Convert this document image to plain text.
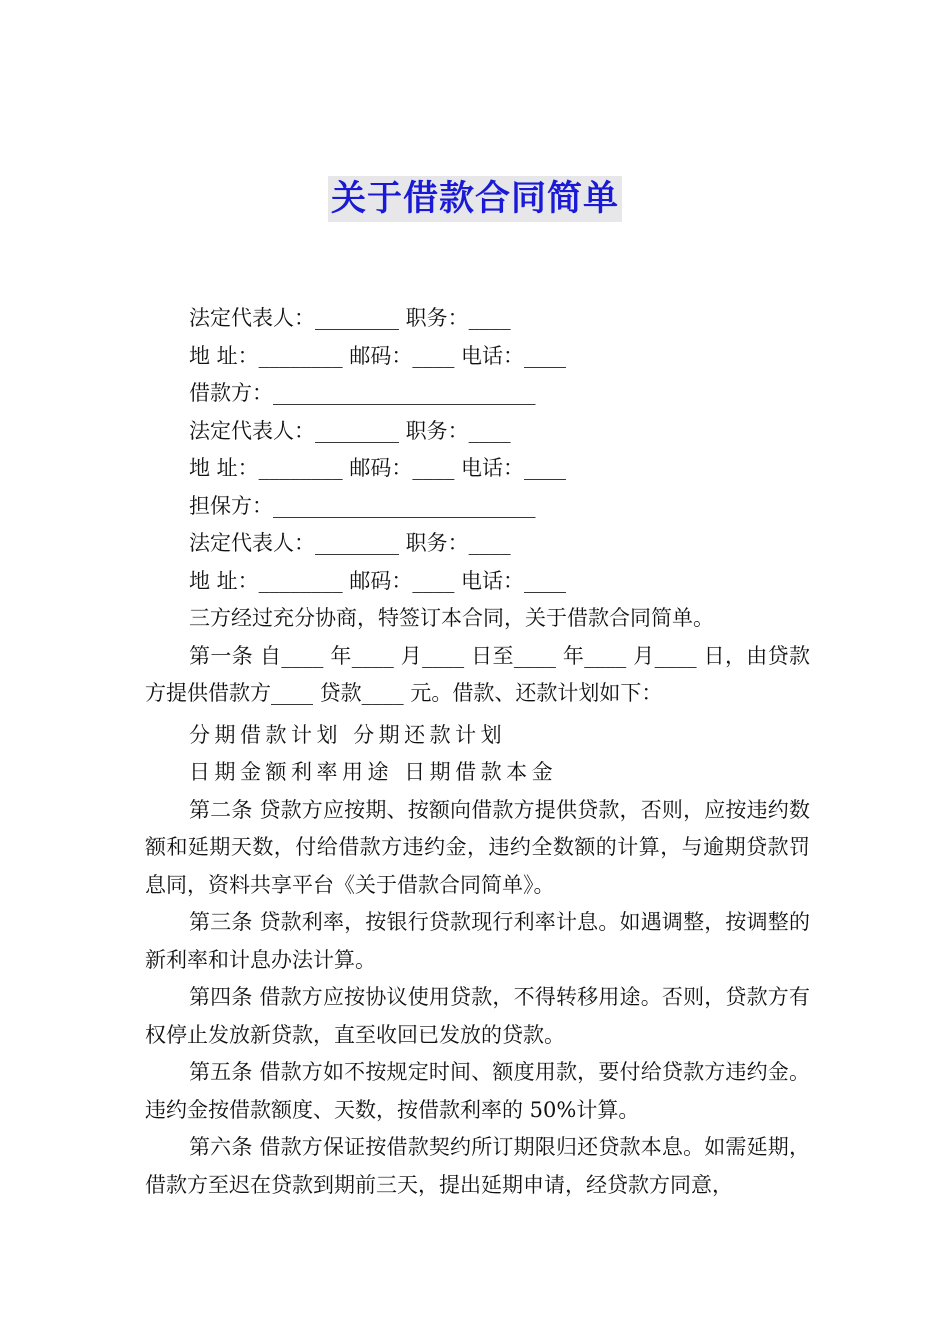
关于借款合同简单
法定代表人：________ 职务：____
地 址：________ 邮码：____ 电话：____
借款方：_________________________
法定代表人：________ 职务：____
地 址：________ 邮码：____ 电话：____
担保方：_________________________
法定代表人：________ 职务：____
地 址：________ 邮码：____ 电话：____
三方经过充分协商，特签订本合同，关于借款合同简单。
第一条 自____ 年____ 月____ 日至____ 年____ 月____ 日，由贷款方提供借款方____ 贷款____ 元。借款、还款计划如下：
分期借款计划 分期还款计划
日期金额利率用途 日期借款本金
第二条 贷款方应按期、按额向借款方提供贷款，否则，应按违约数额和延期天数，付给借款方违约金，违约全数额的计算，与逾期贷款罚息同，资料共享平台《关于借款合同简单》。
第三条 贷款利率，按银行贷款现行利率计息。如遇调整，按调整的新利率和计息办法计算。
第四条 借款方应按协议使用贷款，不得转移用途。否则，贷款方有权停止发放新贷款，直至收回已发放的贷款。
第五条 借款方如不按规定时间、额度用款，要付给贷款方违约金。违约金按借款额度、天数，按借款利率的 50%计算。
第六条 借款方保证按借款契约所订期限归还贷款本息。如需延期，借款方至迟在贷款到期前三天，提出延期申请，经贷款方同意，
